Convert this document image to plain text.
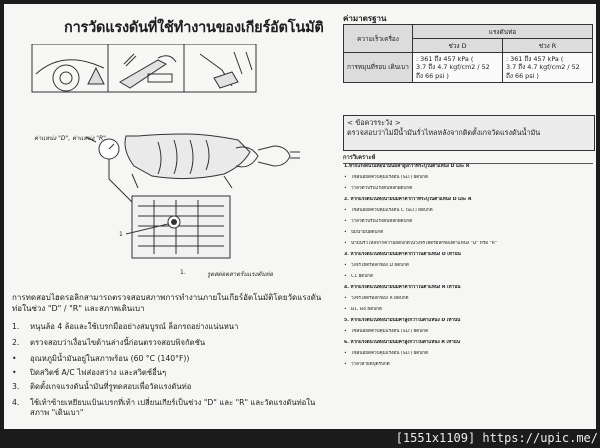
การวัดแรงดันที่ใช้ทำงานของเกียร์อัตโนมัติ
ค่าแหน่ง "D", ค่าแหน่ง "R"
1
1.	รูตสต่อตสาตร์นแรงดันท่อ
การทดสอบไฮดรอลิกสามารถตรวจสอบสภาพการทำงานภายในเกียร์อัตโนมัติโดยวัดแรงดันท่อในช่วง "D" / "R" และสภาพเดินเบา
1.	หนุนล้อ 4 ล้อและใช้เบรกมืออย่างสมบูรณ์ ล็อกรถอย่างแน่นหนา
2.	ตรวจสอบว่าเงื่อนไขด้านล่างนี้ก่อนตรวจสอบพิจกัดชัน
•	อุณหภูมิน้ำมันอยู่ในสภาพร้อน (60 °C (140°F))
•	ปิดสวิตช์ A/C ไฟส่องสว่าง และสวิตช์อื่นๆ
3.	ติดตั้งเกจแรงดันน้ำมันที่รูทดสอบเพื่อวัดแรงดันท่อ
4.	ใช้เท้าซ้ายเหยียบแป้นเบรกที่เท้า เปลี่ยนเกียร์เป็นช่วง "D" และ "R" และวัดแรงดันท่อในสภาพ "เดินเบา"
ค่ามาตรฐาน
ความเร็วเครื่อง	แรงดันท่อ	
	ช่วง D	ช่วง R
การหมุนที่รอบ เดินเบา	: 361 ถึง 457 kPa (
3.7 ถึง 4.7 kgf/cm2 / 52
ถึง 66 psi )	: 361 ถึง 457 kPa (
3.7 ถึง 4.7 kgf/cm2 / 52
ถึง 66 psi )
< ข้อควรระวัง >
ตรวจสอบว่าไม่มีน้ำมันรั่วไหลหลังจากติดตั้งเกจวัดแรงดันน้ำมัน
การวิเคราะห์
1.หากแรงดันในท่อน้ำมันมีค่าสูงกว่าที่ระบุในตำแหน่ง D และ R
• โซลินอยด์ควบคุมแรงดัน (SLT) ผิดปกติ
• วาล์วตัวปรับแรงดันหลักผิดปกติ
2. หากแรงดันในท่อน้ำมันมีค่าต่ำกว่าที่ระบุในตำแหน่ง D และ R
• โซลินอยด์ควบคุมแรงดัน C (SLT) ผิดปกติ
• วาล์วตัวปรับแรงดันหลักผิดปกติ
• ปั๊มน้ำมันผิดปกติ
• น้ำมันรั่วไหลจากความผิดปกติในวงจรไฮดรอลิกของตำแหน่ง "D" หรือ "R"
3. หากแรงดันในท่อน้ำมันมีค่าต่ำกว่าในตำแหน่ง D เท่านั้น
• วงจรไฮดรอลิกของ D ผิดปกติ
• C1 ผิดปกติ
4. หากแรงดันในท่อน้ำมันมีค่าต่ำกว่าในตำแหน่ง R เท่านั้น
• วงจรไฮดรอลิกของ R ผิดปกติ
• B1, B4 ผิดปกติ
5. หากแรงดันในท่อน้ำมันมีค่าสูงกว่าในตำแหน่ง D เท่านั้น
• โซลินอยด์ควบคุมแรงดัน (SLT) ผิดปกติ
6. หากแรงดันในท่อน้ำมันมีค่าสูงกว่าในตำแหน่ง R เท่านั้น
• โซลินอยด์ควบคุมแรงดัน (SLT) ผิดปกติ
• วาล์วสายดีบุตรีปกติ
[1551x1109] https://upic.me/
